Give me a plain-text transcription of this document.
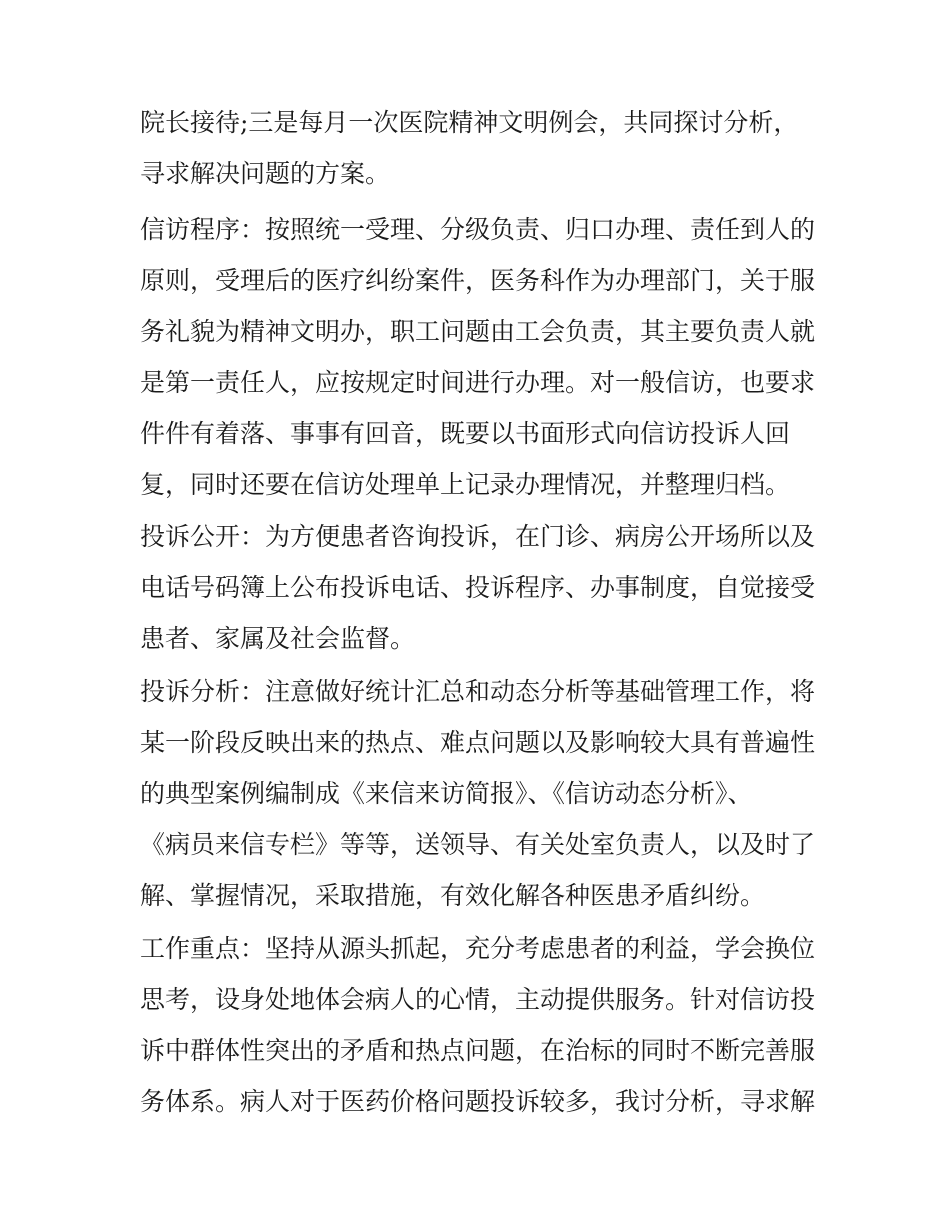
院长接待;三是每月一次医院精神文明例会，共同探讨分析，
寻求解决问题的方案。
信访程序：按照统一受理、分级负责、归口办理、责任到人的
原则，受理后的医疗纠纷案件，医务科作为办理部门，关于服
务礼貌为精神文明办，职工问题由工会负责，其主要负责人就
是第一责任人，应按规定时间进行办理。对一般信访，也要求
件件有着落、事事有回音，既要以书面形式向信访投诉人回
复，同时还要在信访处理单上记录办理情况，并整理归档。
投诉公开：为方便患者咨询投诉，在门诊、病房公开场所以及
电话号码簿上公布投诉电话、投诉程序、办事制度，自觉接受
患者、家属及社会监督。
投诉分析：注意做好统计汇总和动态分析等基础管理工作，将
某一阶段反映出来的热点、难点问题以及影响较大具有普遍性
的典型案例编制成《来信来访简报》、《信访动态分析》、
《病员来信专栏》等等，送领导、有关处室负责人，以及时了
解、掌握情况，采取措施，有效化解各种医患矛盾纠纷。
工作重点：坚持从源头抓起，充分考虑患者的利益，学会换位
思考，设身处地体会病人的心情，主动提供服务。针对信访投
诉中群体性突出的矛盾和热点问题，在治标的同时不断完善服
务体系。病人对于医药价格问题投诉较多，我讨分析，寻求解
